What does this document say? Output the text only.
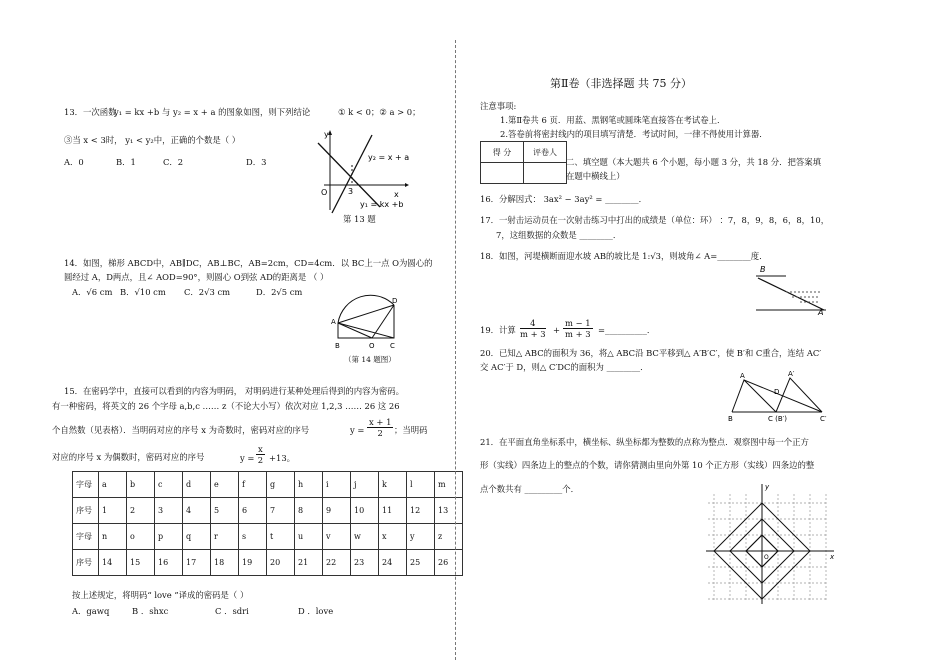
13．一次函数
y₁ = kx +b 与 y₂ = x + a 的图象如图，则下列结论	① k < 0；② a > 0；
③当 x < 3时， y₁ < y₂中，正确的个数是（ ）
A．0	B．1	C．2	D．3
y
x
O	3
y₂ = x + a
y₁ = kx +b
第 13 题
14．如图，梯形 ABCD中，AB∥DC，AB⊥BC，AB=2cm，CD=4cm．以 BC上一点 O为圆心的
圆经过 A，D两点，且∠ AOD=90°，则圆心 O到弦 AD的距离是 （ ）
A．√6 cm B．√10 cm C．2√3 cm	D．2√5 cm
A
B	O C
D
（第 14 题图）
15．在密码学中，直接可以看到的内容为明码， 对明码进行某种处理后得到的内容为密码。
有一种密码，将英文的 26 个字母 a,b,c …… z（不论大小写）依次对应 1,2,3 …… 26 这 26
个自然数（见表格）．当明码对应的序号 x 为奇数时，密码对应的序号	$y = \frac{x + 1}{2}$ ；当明码
对应的序号 x 为偶数时，密码对应的序号	$y = \frac{x}{2} +13$。
字母	a	b	c	d	e	f	g	h	i	j	k	l	m
序号	1	2	3	4	5	6	7	8	9	10	11	12	13
字母	n	o	p	q	r	s	t	u	v	w	x	y	z
序号	14	15	16	17	18	19	20	21	22	23	24	25	26
按上述规定，将明码“ love ”译成的密码是（ ）
A．gawq	B ．shxc	C ．sdri	D ．love
第Ⅱ卷（非选择题 共 75 分）
注意事项:
1.第Ⅱ卷共 6 页．用蓝、黑钢笔或圆珠笔直接答在考试卷上．
2.答卷前将密封线内的项目填写清楚．考试时间，一律不得使用计算器．
得 分	评卷人

二、填空题（本大题共 6 个小题，每小题 3 分，共 18 分．把答案填
在题中横线上）
16．分解因式： 3ax² − 3ay² = ________．
17．一射击运动员在一次射击练习中打出的成绩是（单位：环） ：7，8，9，8，6，8，10，
7，这组数据的众数是 ________．
18．如图，河堤横断面迎水坡 AB的坡比是 1:√3，则坡角∠ A=________度．
B
A
19．计算 $\frac{4}{m + 3} + \frac{m - 1}{m + 3}$ =__________．
20．已知△ ABC的面积为 36，将△ ABC沿 BC平移到△ A′B′C′，使 B′和 C重合，连结 AC′
交 AC′于 D，则△ C′DC的面积为 ________．
A	A′
B	C (B′)	C′
D
21．在平面直角坐标系中，横坐标、纵坐标都为整数的点称为整点．观察图中每一个正方
形（实线）四条边上的整点的个数，请你猜测由里向外第 10 个正方形（实线）四条边的整
点个数共有 _________个．	y
x
O
